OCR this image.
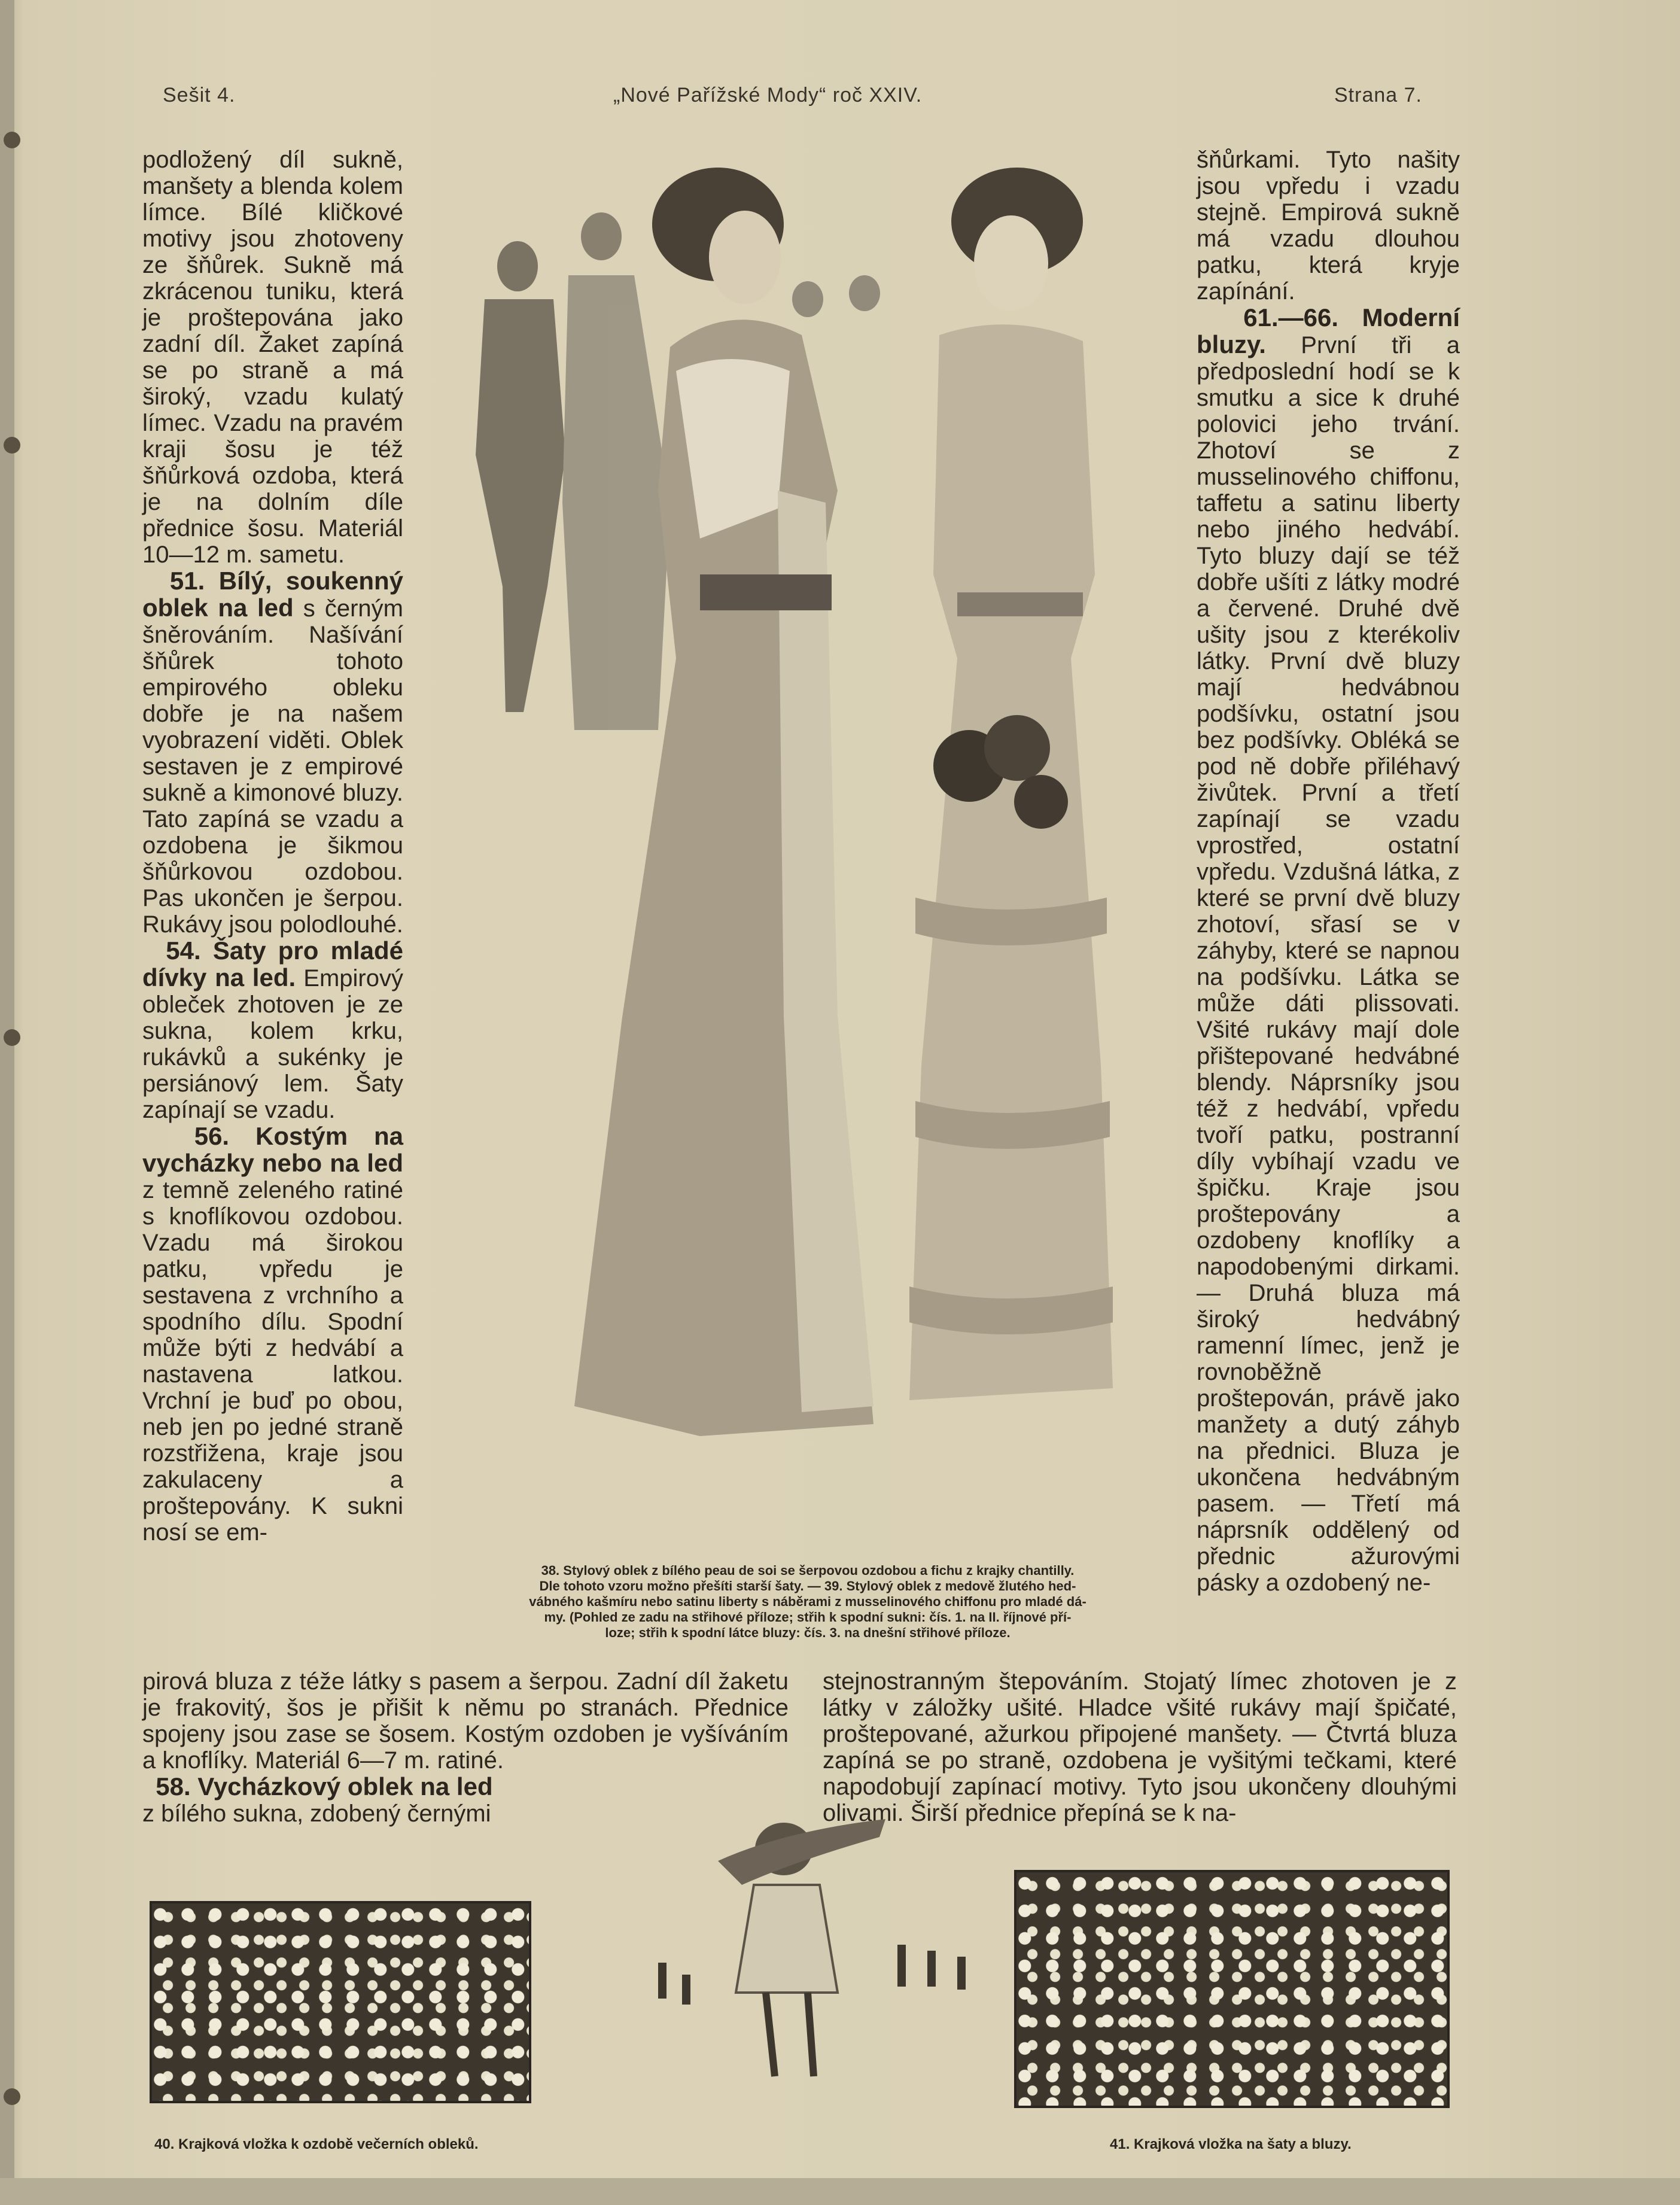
Sešit 4.	„Nové Pařížské Mody“ roč XXIV.	Strana 7.

podložený díl sukně, manšety a blenda kolem límce. Bílé kličkové motivy jsou zhotoveny ze šňůrek. Sukně má zkrácenou tuniku, která je proštepována jako zadní díl. Žaket zapíná se po straně a má široký, vzadu kulatý límec. Vzadu na pravém kraji šosu je též šňůrková ozdoba, která je na dolním díle přednice šosu. Materiál 10—12 m. sametu.

51. Bílý, soukenný oblek na led s černým šněrováním. Našívání šňůrek tohoto empirového obleku dobře je na našem vyobrazení viděti. Oblek sestaven je z empirové sukně a kimonové bluzy. Tato zapíná se vzadu a ozdobena je šikmou šňůrkovou ozdobou. Pas ukončen je šerpou. Rukávy jsou polodlouhé.

54. Šaty pro mladé dívky na led. Empirový obleček zhotoven je ze sukna, kolem krku, rukávků a sukénky je persiánový lem. Šaty zapínají se vzadu.

56. Kostým na vycházky nebo na led z temně zeleného ratiné s knoflíkovou ozdobou. Vzadu má širokou patku, vpředu je sestavena z vrchního a spodního dílu. Spodní může býti z hedvábí a nastavena latkou. Vrchní je buď po obou, neb jen po jedné straně rozstřižena, kraje jsou zakulaceny a proštepovány. K sukni nosí se em-

38. Stylový oblek z bílého peau de soi se šerpovou ozdobou a fichu z krajky chantilly.
Dle tohoto vzoru možno přešíti starší šaty. — 39. Stylový oblek z medově žlutého hed-
vábného kašmíru nebo satinu liberty s náběrami z musselinového chiffonu pro mladé dá-
my. (Pohled ze zadu na střihové příloze; střih k spodní sukni: čís. 1. na II. říjnové pří-
loze; střih k spodní látce bluzy: čís. 3. na dnešní střihové příloze.

šňůrkami. Tyto našity jsou vpředu i vzadu stejně. Empirová sukně má vzadu dlouhou patku, která kryje zapínání.

61.—66. Moderní bluzy. První tři a předposlední hodí se k smutku a sice k druhé polovici jeho trvání. Zhotoví se z musselinového chiffonu, taffetu a satinu liberty nebo jiného hedvábí. Tyto bluzy dají se též dobře ušíti z látky modré a červené. Druhé dvě ušity jsou z kterékoliv látky. První dvě bluzy mají hedvábnou podšívku, ostatní jsou bez podšívky. Obléká se pod ně dobře přiléhavý živůtek. První a třetí zapínají se vzadu vprostřed, ostatní vpředu. Vzdušná látka, z které se první dvě bluzy zhotoví, sřasí se v záhyby, které se napnou na podšívku. Látka se může dáti plissovati. Všité rukávy mají dole přištepované hedvábné blendy. Náprsníky jsou též z hedvábí, vpředu tvoří patku, postranní díly vybíhají vzadu ve špičku. Kraje jsou proštepovány a ozdobeny knoflíky a napodobenými dirkami. — Druhá bluza má široký hedvábný ramenní límec, jenž je rovnoběžně proštepován, právě jako manžety a dutý záhyb na přednici. Bluza je ukončena hedvábným pasem. — Třetí má náprsník oddělený od přednic ažurovými pásky a ozdobený ne-

pirová bluza z téže látky s pasem a šerpou. Zadní díl žaketu je frakovitý, šos je přišit k němu po stranách. Přednice spojeny jsou zase se šosem. Kostým ozdoben je vyšíváním a knoflíky. Materiál 6—7 m. ratiné.

58. Vycházkový oblek na led

z bílého sukna, zdobený černými

stejnostranným štepováním. Stojatý límec zhotoven je z látky v záložky ušité. Hladce všité rukávy mají špičaté, proštepované, ažurkou připojené manšety. — Čtvrtá bluza zapíná se po straně, ozdobena je vyšitými tečkami, které napodobují zapínací motivy. Tyto jsou ukončeny dlouhými olivami. Širší přednice přepíná se k na-

40. Krajková vložka k ozdobě večerních obleků.	41. Krajková vložka na šaty a bluzy.
